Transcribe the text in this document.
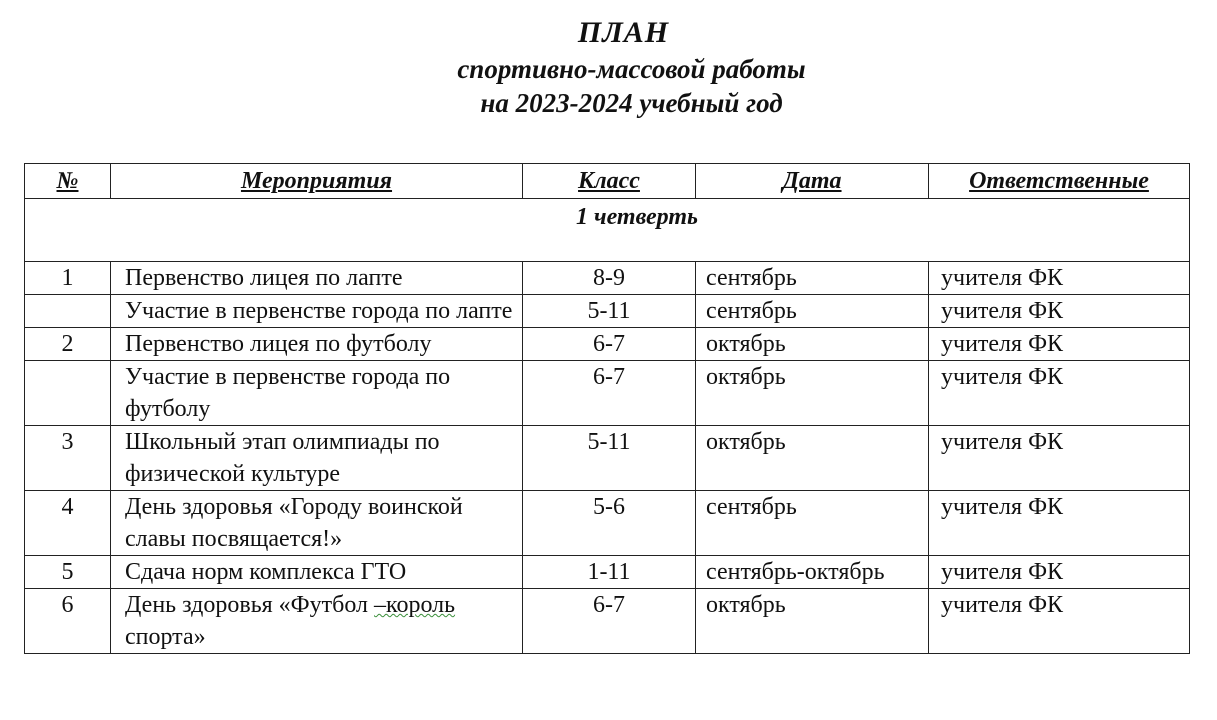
ПЛАН
спортивно-массовой работы
на 2023-2024 учебный год
№	Мероприятия	Класс	Дата	Ответственные
1 четверть				
1	Первенство лицея по лапте	8-9	сентябрь	учителя ФК
	Участие в первенстве города по лапте	5-11	сентябрь	учителя ФК
2	Первенство лицея по футболу	6-7	октябрь	учителя ФК
	Участие в первенстве города по футболу	6-7	октябрь	учителя ФК
3	Школьный этап олимпиады по физической культуре	5-11	октябрь	учителя ФК
4	День здоровья «Городу воинской славы посвящается!»	5-6	сентябрь	учителя ФК
5	Сдача норм комплекса ГТО	1-11	сентябрь-октябрь	учителя ФК
6	День здоровья «Футбол –король спорта»	6-7	октябрь	учителя ФК
